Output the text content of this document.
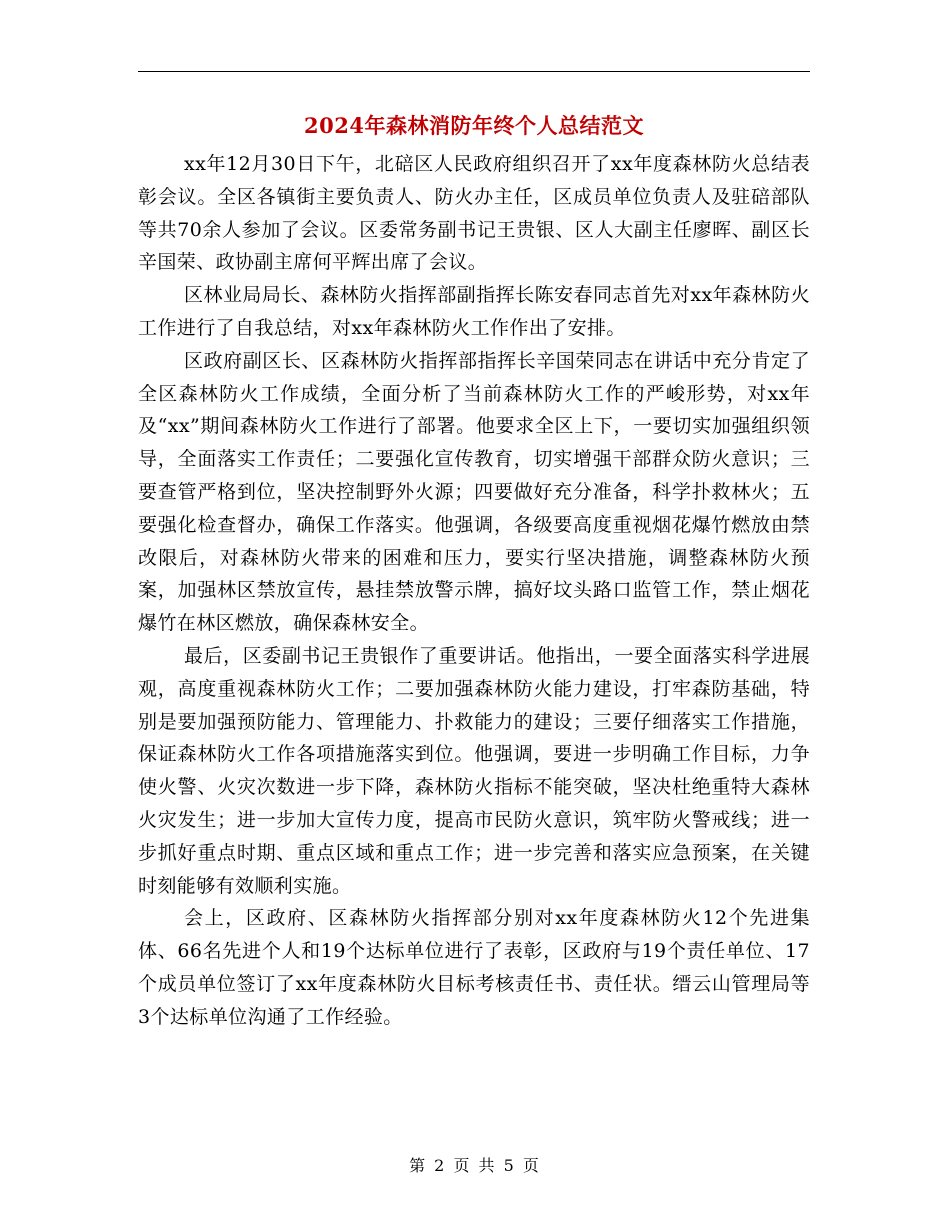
2024年森林消防年终个人总结范文

xx年12月30日下午，北碚区人民政府组织召开了xx年度森林防火总结表彰会议。全区各镇街主要负责人、防火办主任，区成员单位负责人及驻碚部队等共70余人参加了会议。区委常务副书记王贵银、区人大副主任廖晖、副区长辛国荣、政协副主席何平辉出席了会议。

区林业局局长、森林防火指挥部副指挥长陈安春同志首先对xx年森林防火工作进行了自我总结，对xx年森林防火工作作出了安排。

区政府副区长、区森林防火指挥部指挥长辛国荣同志在讲话中充分肯定了全区森林防火工作成绩，全面分析了当前森林防火工作的严峻形势，对xx年及“xx”期间森林防火工作进行了部署。他要求全区上下，一要切实加强组织领导，全面落实工作责任；二要强化宣传教育，切实增强干部群众防火意识；三要查管严格到位，坚决控制野外火源；四要做好充分准备，科学扑救林火；五要强化检查督办，确保工作落实。他强调，各级要高度重视烟花爆竹燃放由禁改限后，对森林防火带来的困难和压力，要实行坚决措施，调整森林防火预案，加强林区禁放宣传，悬挂禁放警示牌，搞好坟头路口监管工作，禁止烟花爆竹在林区燃放，确保森林安全。

最后，区委副书记王贵银作了重要讲话。他指出，一要全面落实科学进展观，高度重视森林防火工作；二要加强森林防火能力建设，打牢森防基础，特别是要加强预防能力、管理能力、扑救能力的建设；三要仔细落实工作措施，保证森林防火工作各项措施落实到位。他强调，要进一步明确工作目标，力争使火警、火灾次数进一步下降，森林防火指标不能突破，坚决杜绝重特大森林火灾发生；进一步加大宣传力度，提高市民防火意识，筑牢防火警戒线；进一步抓好重点时期、重点区域和重点工作；进一步完善和落实应急预案，在关键时刻能够有效顺利实施。

会上，区政府、区森林防火指挥部分别对xx年度森林防火12个先进集体、66名先进个人和19个达标单位进行了表彰，区政府与19个责任单位、17个成员单位签订了xx年度森林防火目标考核责任书、责任状。缙云山管理局等3个达标单位沟通了工作经验。

第 2 页 共 5 页
